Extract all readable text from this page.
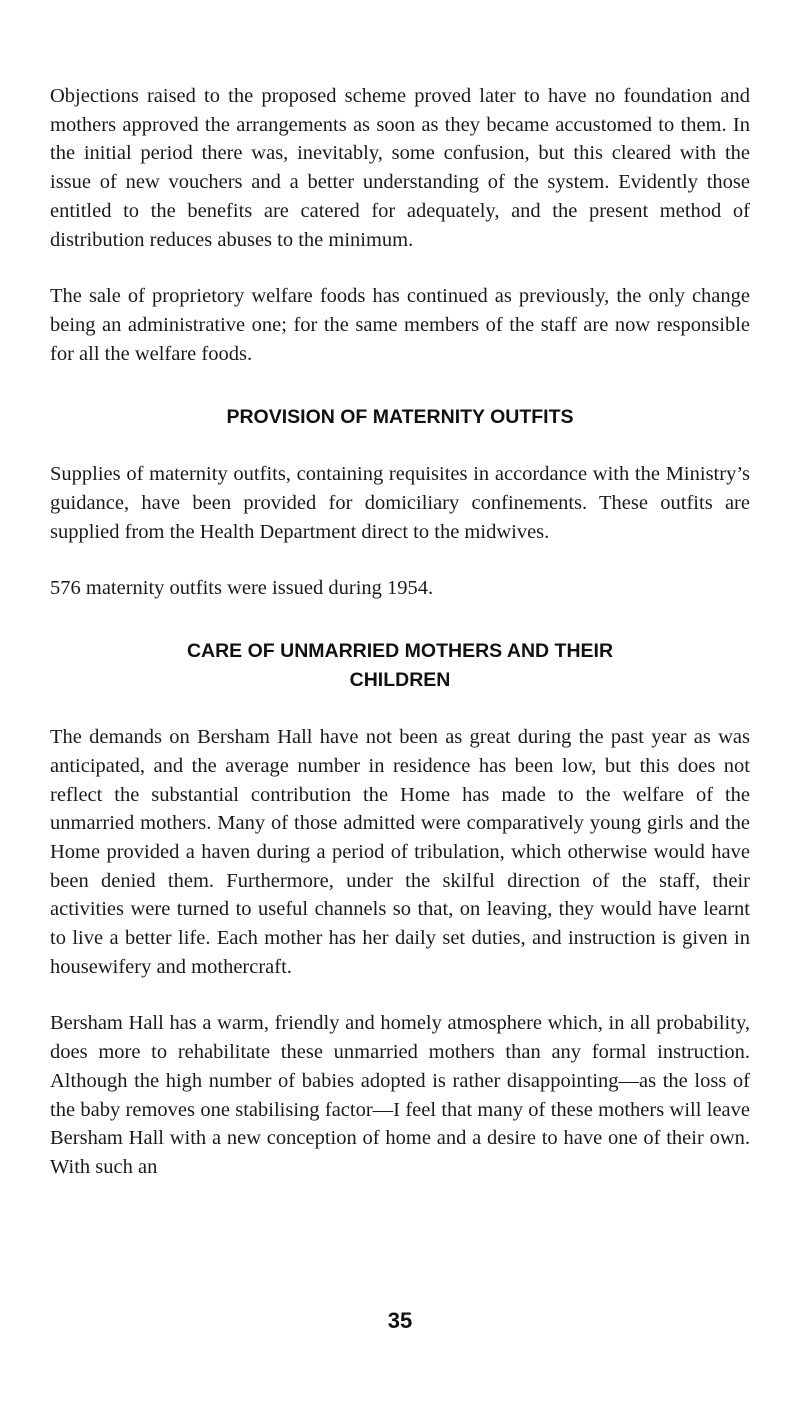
Objections raised to the proposed scheme proved later to have no foundation and mothers approved the arrangements as soon as they became accustomed to them. In the initial period there was, inevitably, some confusion, but this cleared with the issue of new vouchers and a better understanding of the system. Evidently those entitled to the benefits are catered for adequately, and the present method of distribution reduces abuses to the minimum.

The sale of proprietory welfare foods has continued as previously, the only change being an administrative one; for the same members of the staff are now responsible for all the welfare foods.

PROVISION OF MATERNITY OUTFITS

Supplies of maternity outfits, containing requisites in accordance with the Ministry’s guidance, have been provided for domiciliary confinements. These outfits are supplied from the Health Department direct to the midwives.

576 maternity outfits were issued during 1954.

CARE OF UNMARRIED MOTHERS AND THEIR
CHILDREN

The demands on Bersham Hall have not been as great during the past year as was anticipated, and the average number in residence has been low, but this does not reflect the substantial contribution the Home has made to the welfare of the unmarried mothers. Many of those admitted were comparatively young girls and the Home provided a haven during a period of tribulation, which otherwise would have been denied them. Furthermore, under the skilful direction of the staff, their activities were turned to useful channels so that, on leaving, they would have learnt to live a better life. Each mother has her daily set duties, and instruction is given in housewifery and mothercraft.

Bersham Hall has a warm, friendly and homely atmosphere which, in all probability, does more to rehabilitate these unmarried mothers than any formal instruction. Although the high number of babies adopted is rather disappointing—as the loss of the baby removes one stabilising factor—I feel that many of these mothers will leave Bersham Hall with a new conception of home and a desire to have one of their own. With such an

35
